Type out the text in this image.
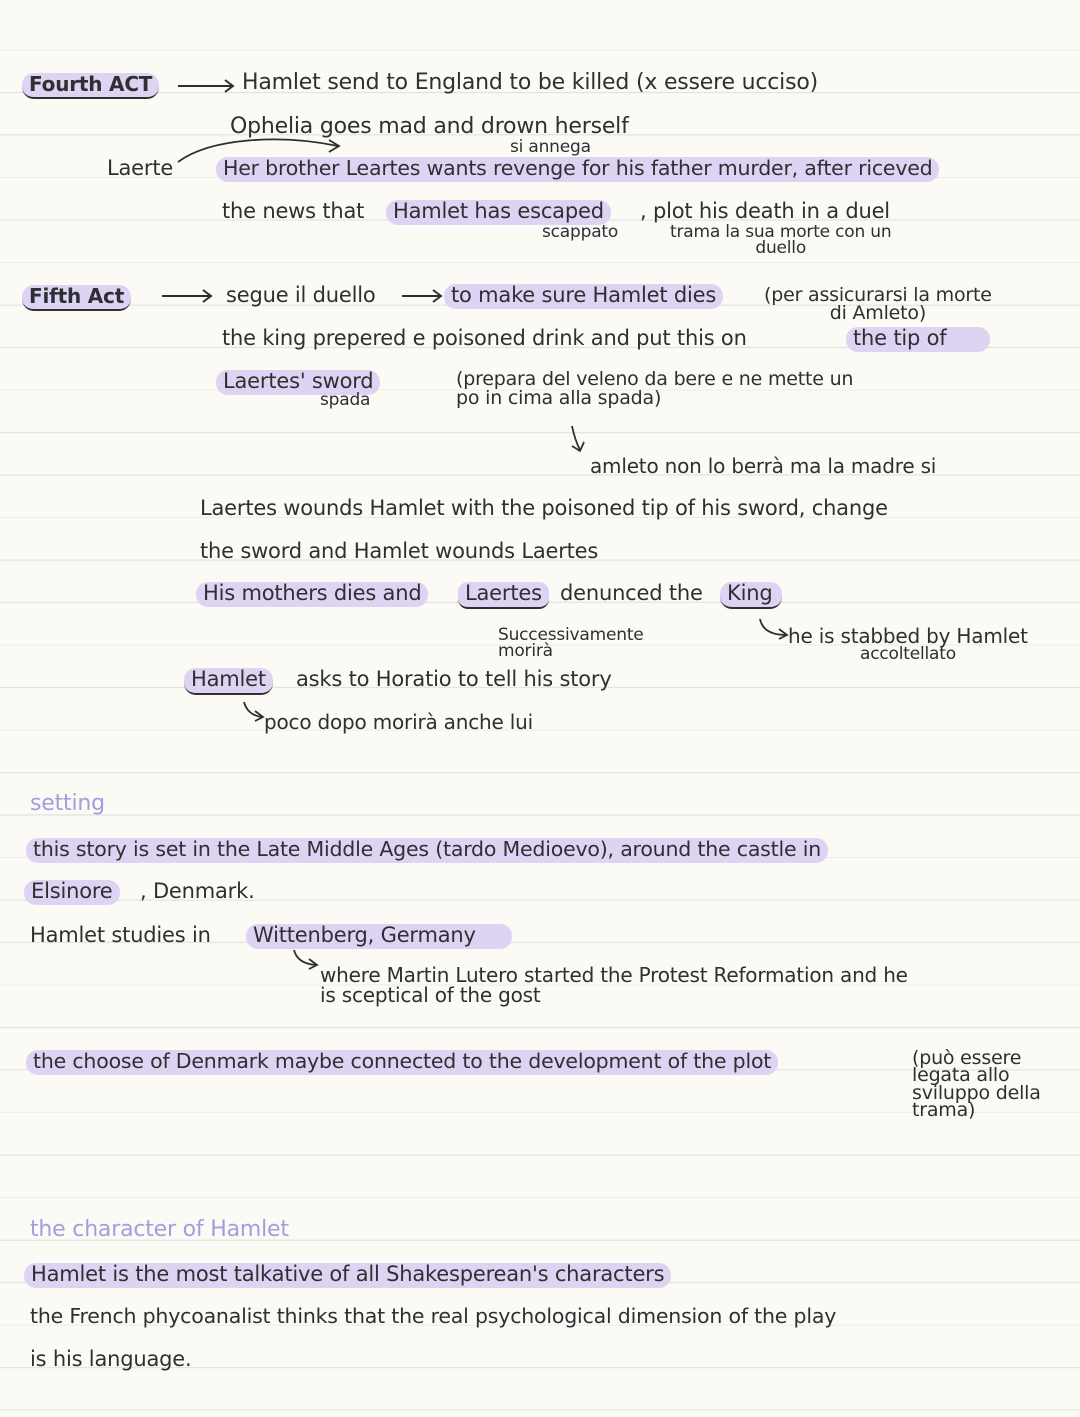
Fourth ACT	Hamlet send to England to be killed (x essere ucciso)
Ophelia goes mad and drown herself
si annega
Laerte	Her brother Leartes wants revenge for his father murder, after riceved
the news that	Hamlet has escaped	, plot his death in a duel
scappato	trama la sua morte con un
duello
Fifth Act	segue il duello	to make sure Hamlet dies	(per assicurarsi la morte
di Amleto)
the king prepered e poisoned drink and put this on	the tip of
Laertes' sword
spada
(prepara del veleno da bere e ne mette un
po in cima alla spada)
amleto non lo berrà ma la madre si
Laertes wounds Hamlet with the poisoned tip of his sword, change
the sword and Hamlet wounds Laertes
His mothers dies and	Laertes denunced the	King
Successivamente
morirà
he is stabbed by Hamlet
accoltellato
Hamlet	asks to Horatio to tell his story
poco dopo morirà anche lui
setting
this story is set in the Late Middle Ages (tardo Medioevo), around the castle in
Elsinore	, Denmark.
Hamlet studies in	Wittenberg, Germany
where Martin Lutero started the Protest Reformation and he
is sceptical of the gost
the choose of Denmark maybe connected to the development of the plot	(può essere
legata allo
sviluppo della
trama)
the character of Hamlet
Hamlet is the most talkative of all Shakesperean's characters
the French phycoanalist thinks that the real psychological dimension of the play
is his language.
